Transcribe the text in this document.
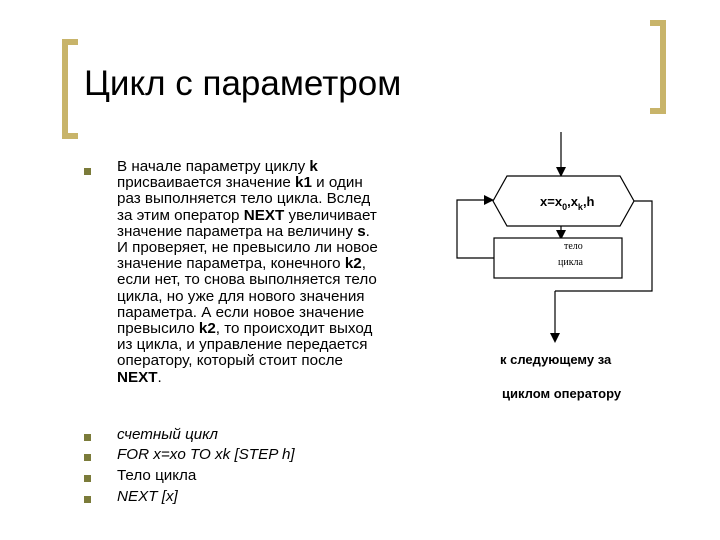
Цикл с параметром
В начале параметру циклу k
присваивается значение k1 и один
раз выполняется тело цикла. Вслед
за этим оператор NEXT увеличивает
значение параметра на величину s.
И проверяет, не превысило ли новое
значение параметра, конечного k2,
если нет, то снова выполняется тело
цикла, но уже для нового значения
параметра. А если новое значение
превысило k2, то происходит выход
из цикла, и управление передается
оператору, который стоит после
NEXT.
счетный цикл
FOR x=xo TO xk [STEP h]
Тело цикла
NEXT [x]
$x=x_0,x_k,h$
тело
цикла
к следующему за
циклом оператору
